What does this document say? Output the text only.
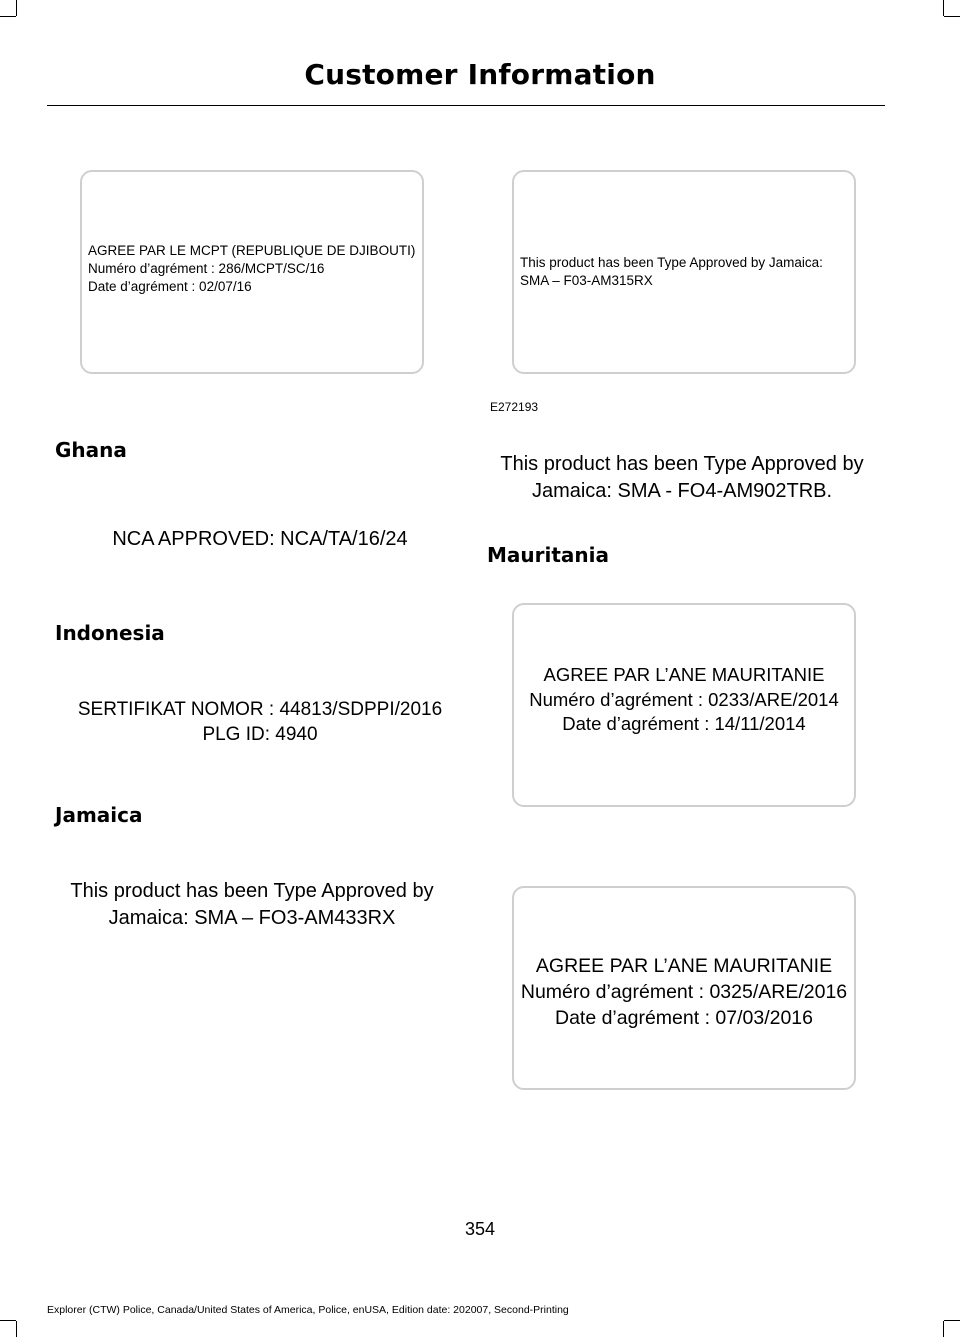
Customer Information
AGREE PAR LE MCPT (REPUBLIQUE DE DJIBOUTI)
Numéro d’agrément : 286/MCPT/SC/16
Date d’agrément : 02/07/16
This product has been Type Approved by Jamaica:
SMA – F03-AM315RX
E272193
Ghana
NCA APPROVED: NCA/TA/16/24
Indonesia
SERTIFIKAT NOMOR : 44813/SDPPI/2016
PLG ID: 4940
Jamaica
This product has been Type Approved by
Jamaica: SMA – FO3-AM433RX
This product has been Type Approved by
Jamaica: SMA - FO4-AM902TRB.
Mauritania
AGREE PAR L’ANE MAURITANIE
Numéro d’agrément : 0233/ARE/2014
Date d’agrément : 14/11/2014
AGREE PAR L’ANE MAURITANIE
Numéro d’agrément : 0325/ARE/2016
Date d’agrément : 07/03/2016
354
Explorer (CTW) Police, Canada/United States of America, Police, enUSA, Edition date: 202007, Second-Printing
